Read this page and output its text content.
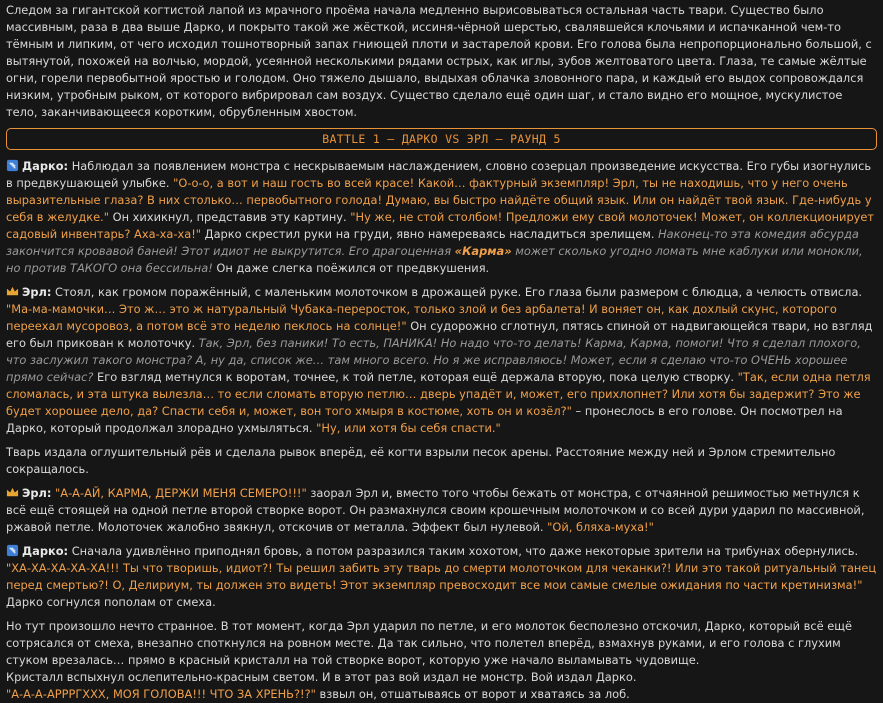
Следом за гигантской когтистой лапой из мрачного проёма начала медленно вырисовываться остальная часть твари. Существо было массивным, раза в два выше Дарко, и покрыто такой же жёсткой, иссиня-чёрной шерстью, свалявшейся клочьями и испачканной чем-то тёмным и липким, от чего исходил тошнотворный запах гниющей плоти и застарелой крови. Его голова была непропорционально большой, с вытянутой, похожей на волчью, мордой, усеянной несколькими рядами острых, как иглы, зубов желтоватого цвета. Глаза, те самые жёлтые огни, горели первобытной яростью и голодом. Оно тяжело дышало, выдыхая облачка зловонного пара, и каждый его выдох сопровождался низким, утробным рыком, от которого вибрировал сам воздух. Существо сделало ещё один шаг, и стало видно его мощное, мускулистое тело, заканчивающееся коротким, обрубленным хвостом.

BATTLE 1 – ДАРКО VS ЭРЛ – РАУНД 5

Дарко: Наблюдал за появлением монстра с нескрываемым наслаждением, словно созерцал произведение искусства. Его губы изогнулись в предвкушающей улыбке. "О-о-о, а вот и наш гость во всей красе! Какой… фактурный экземпляр! Эрл, ты не находишь, что у него очень выразительные глаза? В них столько… первобытного голода! Думаю, вы быстро найдёте общий язык. Или он найдёт твой язык. Где-нибудь у себя в желудке." Он хихикнул, представив эту картину. "Ну же, не стой столбом! Предложи ему свой молоточек! Может, он коллекционирует садовый инвентарь? Аха-ха-ха!" Дарко скрестил руки на груди, явно намереваясь насладиться зрелищем. Наконец-то эта комедия абсурда закончится кровавой баней! Этот идиот не выкрутится. Его драгоценная «Карма» может сколько угодно ломать мне каблуки или монокли, но против ТАКОГО она бессильна! Он даже слегка поёжился от предвкушения.

Эрл: Стоял, как громом поражённый, с маленьким молоточком в дрожащей руке. Его глаза были размером с блюдца, а челюсть отвисла. "Ма-ма-мамочки… Это ж… это ж натуральный Чубака-переросток, только злой и без арбалета! И воняет он, как дохлый скунс, которого переехал мусоровоз, а потом всё это неделю пеклось на солнце!" Он судорожно сглотнул, пятясь спиной от надвигающейся твари, но взгляд его был прикован к молоточку. Так, Эрл, без паники! То есть, ПАНИКА! Но надо что-то делать! Карма, Карма, помоги! Что я сделал плохого, что заслужил такого монстра? А, ну да, список же… там много всего. Но я же исправляюсь! Может, если я сделаю что-то ОЧЕНЬ хорошее прямо сейчас? Его взгляд метнулся к воротам, точнее, к той петле, которая ещё держала вторую, пока целую створку. "Так, если одна петля сломалась, и эта штука вылезла… то если сломать вторую петлю… дверь упадёт и, может, его прихлопнет? Или хотя бы задержит? Это же будет хорошее дело, да? Спасти себя и, может, вон того хмыря в костюме, хоть он и козёл?" – пронеслось в его голове. Он посмотрел на Дарко, который продолжал злорадно ухмыляться. "Ну, или хотя бы себя спасти."

Тварь издала оглушительный рёв и сделала рывок вперёд, её когти взрыли песок арены. Расстояние между ней и Эрлом стремительно сокращалось.

Эрл: "А-А-АЙ, КАРМА, ДЕРЖИ МЕНЯ СЕМЕРО!!!" заорал Эрл и, вместо того чтобы бежать от монстра, с отчаянной решимостью метнулся к всё ещё стоящей на одной петле второй створке ворот. Он размахнулся своим крошечным молоточком и со всей дури ударил по массивной, ржавой петле. Молоточек жалобно звякнул, отскочив от металла. Эффект был нулевой. "Ой, бляха-муха!"

Дарко: Сначала удивлённо приподнял бровь, а потом разразился таким хохотом, что даже некоторые зрители на трибунах обернулись. "ХА-ХА-ХА-ХА-ХА!!! Ты что творишь, идиот?! Ты решил забить эту тварь до смерти молоточком для чеканки?! Или это такой ритуальный танец перед смертью?! О, Делириум, ты должен это видеть! Этот экземпляр превосходит все мои самые смелые ожидания по части кретинизма!" Дарко согнулся пополам от смеха.

Но тут произошло нечто странное. В тот момент, когда Эрл ударил по петле, и его молоток бесполезно отскочил, Дарко, который всё ещё сотрясался от смеха, внезапно споткнулся на ровном месте. Да так сильно, что полетел вперёд, взмахнув руками, и его голова с глухим стуком врезалась… прямо в красный кристалл на той створке ворот, которую уже начало выламывать чудовище.
Кристалл вспыхнул ослепительно-красным светом. И в этот раз вой издал не монстр. Вой издал Дарко.
"А-А-А-АРРРГХХХ, МОЯ ГОЛОВА!!! ЧТО ЗА ХРЕНЬ?!?" взвыл он, отшатываясь от ворот и хватаясь за лоб.
